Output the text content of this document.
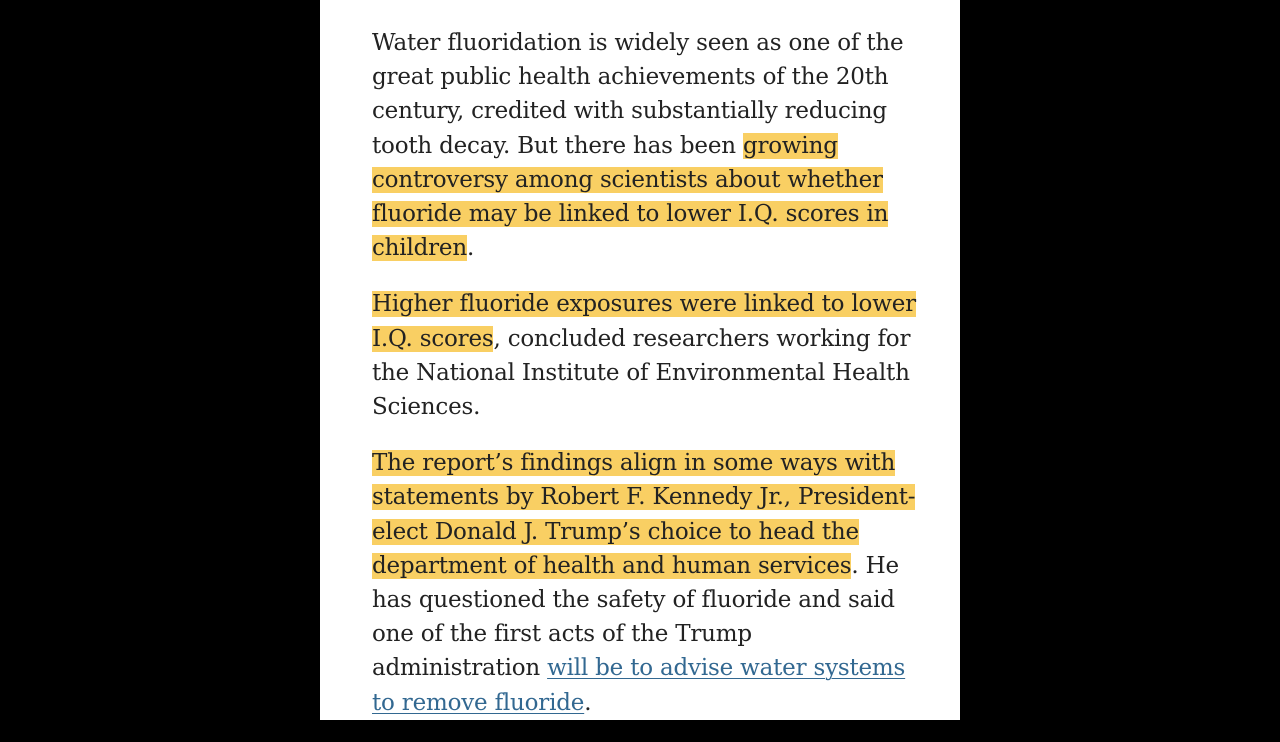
Water fluoridation is widely seen as one of the great public health achievements of the 20th century, credited with substantially reducing tooth decay. But there has been growing controversy among scientists about whether fluoride may be linked to lower I.Q. scores in children.

Higher fluoride exposures were linked to lower I.Q. scores, concluded researchers working for the National Institute of Environmental Health Sciences.

The report’s findings align in some ways with statements by Robert F. Kennedy Jr., President-elect Donald J. Trump’s choice to head the department of health and human services. He has questioned the safety of fluoride and said one of the first acts of the Trump administration will be to advise water systems to remove fluoride.
